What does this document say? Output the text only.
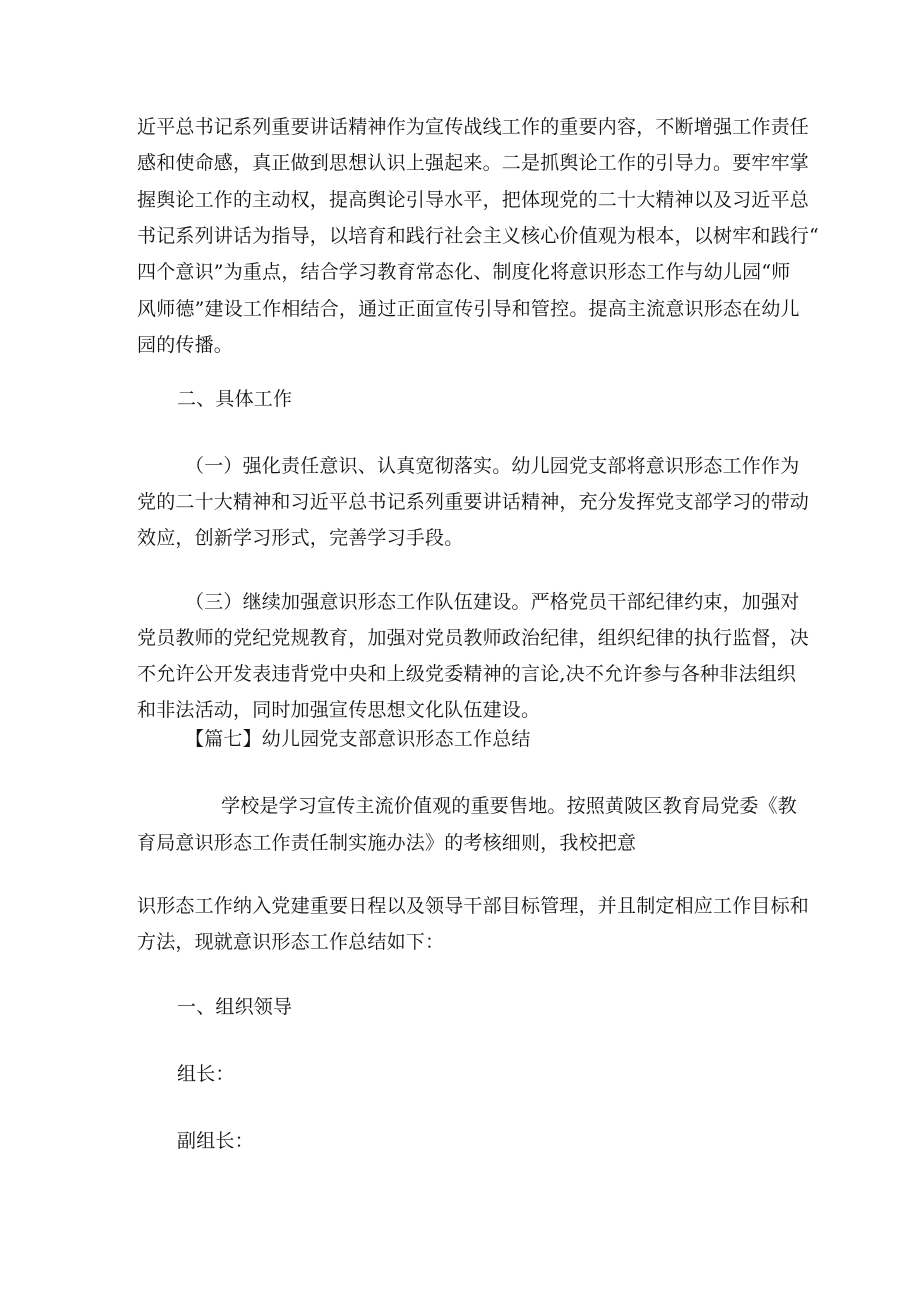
近平总书记系列重要讲话精神作为宣传战线工作的重要内容，不断增强工作责任
感和使命感，真正做到思想认识上强起来。二是抓舆论工作的引导力。要牢牢掌
握舆论工作的主动权，提高舆论引导水平，把体现党的二十大精神以及习近平总
书记系列讲话为指导，以培育和践行社会主义核心价值观为根本，以树牢和践行“
四个意识”为重点，结合学习教育常态化、制度化将意识形态工作与幼儿园“师
风师德”建设工作相结合，通过正面宣传引导和管控。提高主流意识形态在幼儿
园的传播。
二、具体工作
（一）强化责任意识、认真宽彻落实。幼儿园党支部将意识形态工作作为
党的二十大精神和习近平总书记系列重要讲话精神，充分发挥党支部学习的带动
效应，创新学习形式，完善学习手段。
（三）继续加强意识形态工作队伍建设。严格党员干部纪律约束，加强对
党员教师的党纪党规教育，加强对党员教师政治纪律，组织纪律的执行监督，决
不允许公开发表违背党中央和上级党委精神的言论,决不允许参与各种非法组织
和非法活动，同时加强宣传思想文化队伍建设。
【篇七】幼儿园党支部意识形态工作总结
学校是学习宣传主流价值观的重要售地。按照黄陂区教育局党委《教
育局意识形态工作责任制实施办法》的考核细则，我校把意
识形态工作纳入党建重要日程以及领导干部目标管理，并且制定相应工作目标和
方法，现就意识形态工作总结如下：
一、组织领导
组长：
副组长：
